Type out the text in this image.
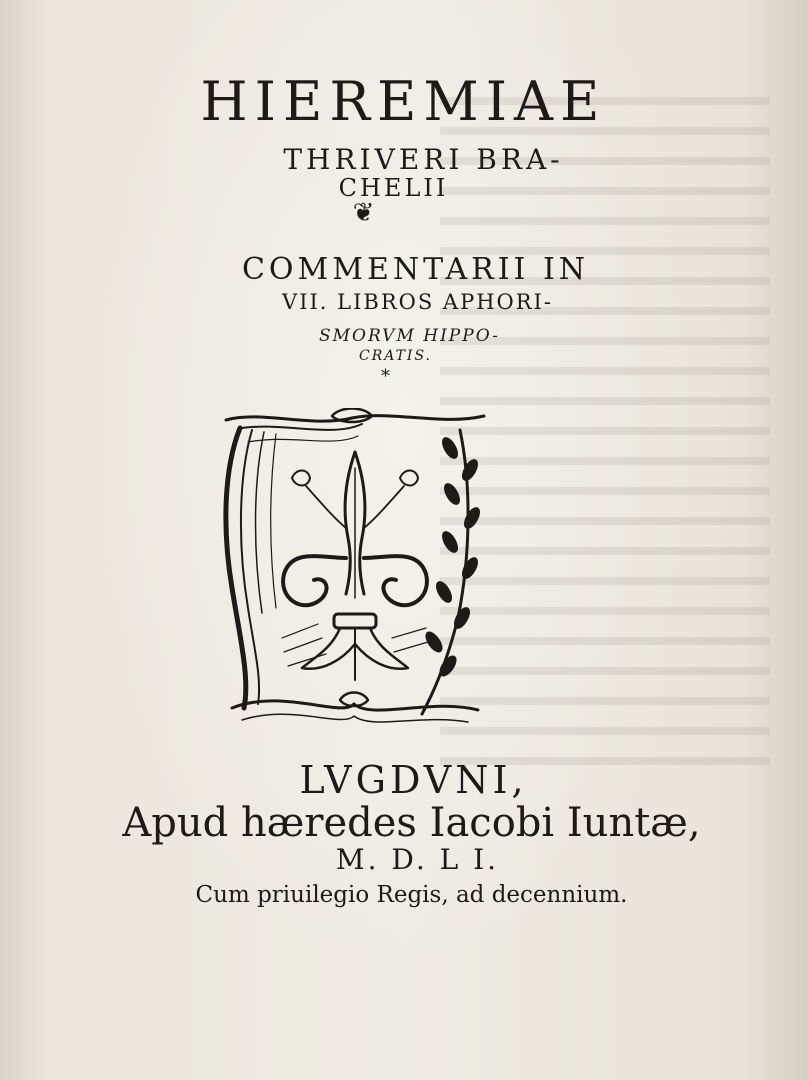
HIEREMIAE
THRIVERI BRA-
CHELII
❦
COMMENTARII IN
VII. LIBROS APHORI-
SMORVM HIPPO-
CRATIS.
*
LVGDVNI,
Apud hæredes Iacobi Iuntæ,
M. D. L I.
Cum priuilegio Regis, ad decennium.
